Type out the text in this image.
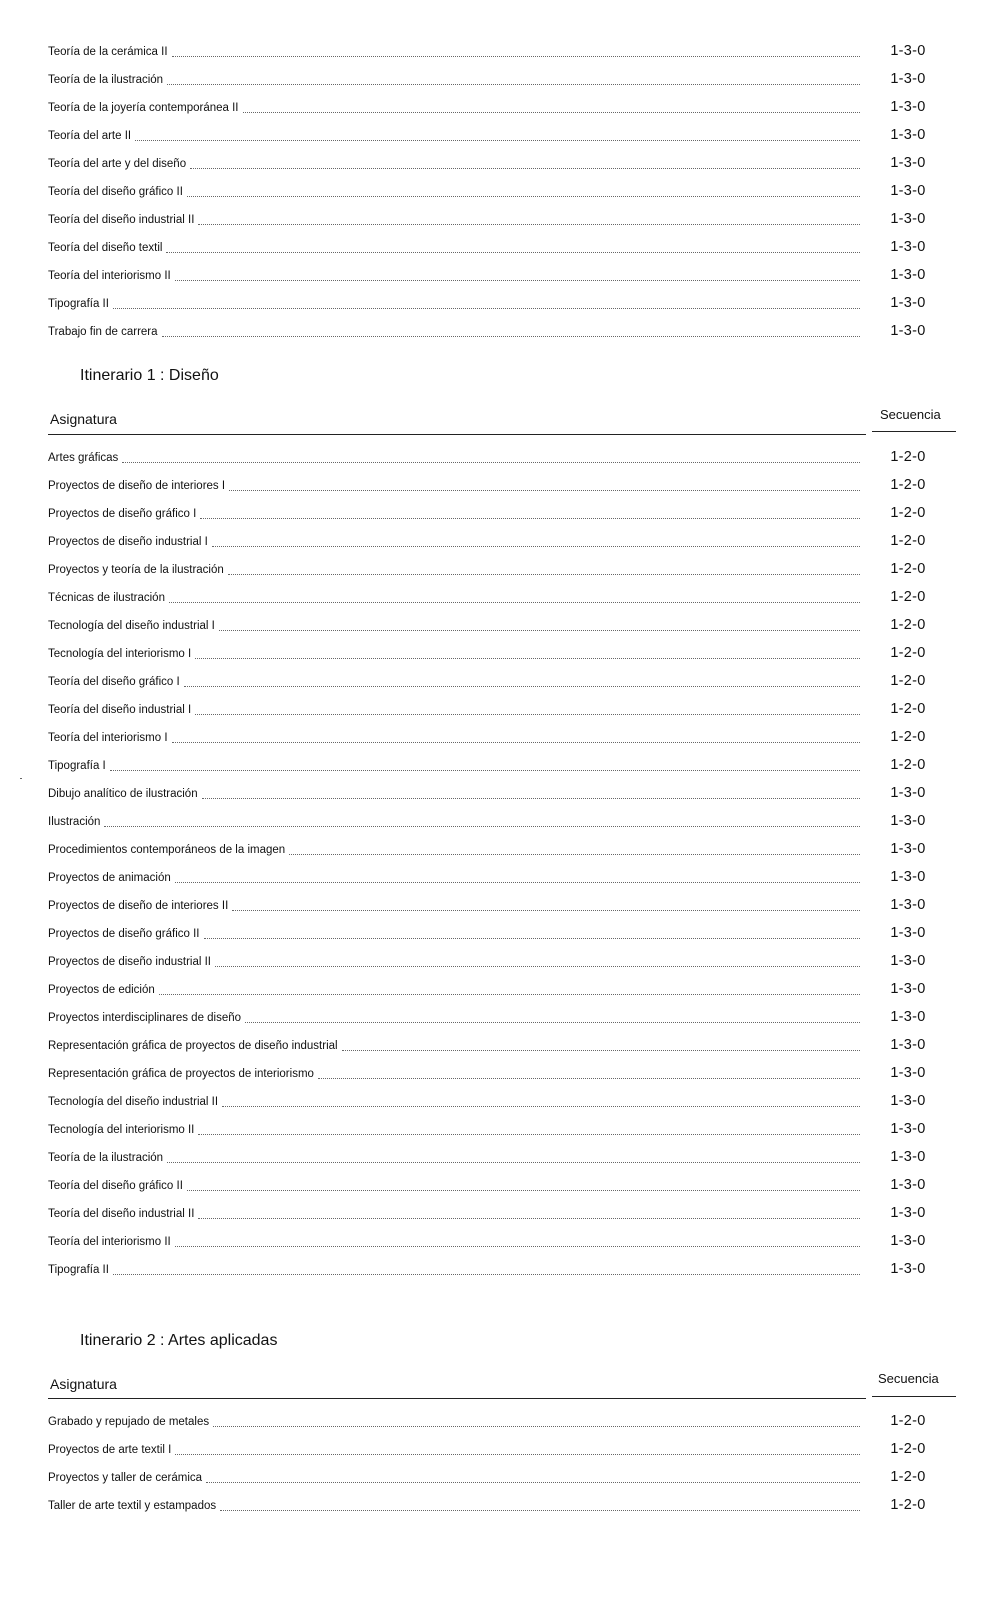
Teoría de la cerámica II	1-3-0
Teoría de la ilustración	1-3-0
Teoría de la joyería contemporánea II	1-3-0
Teoría del arte II	1-3-0
Teoría del arte y del diseño	1-3-0
Teoría del diseño gráfico II	1-3-0
Teoría del diseño industrial II	1-3-0
Teoría del diseño textil	1-3-0
Teoría del interiorismo II	1-3-0
Tipografía II	1-3-0
Trabajo fin de carrera	1-3-0
Itinerario 1 : Diseño
Asignatura	Secuencia
Artes gráficas	1-2-0
Proyectos de diseño de interiores I	1-2-0
Proyectos de diseño gráfico I	1-2-0
Proyectos de diseño industrial I	1-2-0
Proyectos y teoría de la ilustración	1-2-0
Técnicas de ilustración	1-2-0
Tecnología del diseño industrial I	1-2-0
Tecnología del interiorismo I	1-2-0
Teoría del diseño gráfico I	1-2-0
Teoría del diseño industrial I	1-2-0
Teoría del interiorismo I	1-2-0
Tipografía I	1-2-0
Dibujo analítico de ilustración	1-3-0
Ilustración	1-3-0
Procedimientos contemporáneos de la imagen	1-3-0
Proyectos de animación	1-3-0
Proyectos de diseño de interiores II	1-3-0
Proyectos de diseño gráfico II	1-3-0
Proyectos de diseño industrial II	1-3-0
Proyectos de edición	1-3-0
Proyectos interdisciplinares de diseño	1-3-0
Representación gráfica de proyectos de diseño industrial	1-3-0
Representación gráfica de proyectos de interiorismo	1-3-0
Tecnología del diseño industrial II	1-3-0
Tecnología del interiorismo II	1-3-0
Teoría de la ilustración	1-3-0
Teoría del diseño gráfico II	1-3-0
Teoría del diseño industrial II	1-3-0
Teoría del interiorismo II	1-3-0
Tipografía II	1-3-0
Itinerario 2 : Artes aplicadas
Asignatura	Secuencia
Grabado y repujado de metales	1-2-0
Proyectos de arte textil I	1-2-0
Proyectos y taller de cerámica	1-2-0
Taller de arte textil y estampados	1-2-0
